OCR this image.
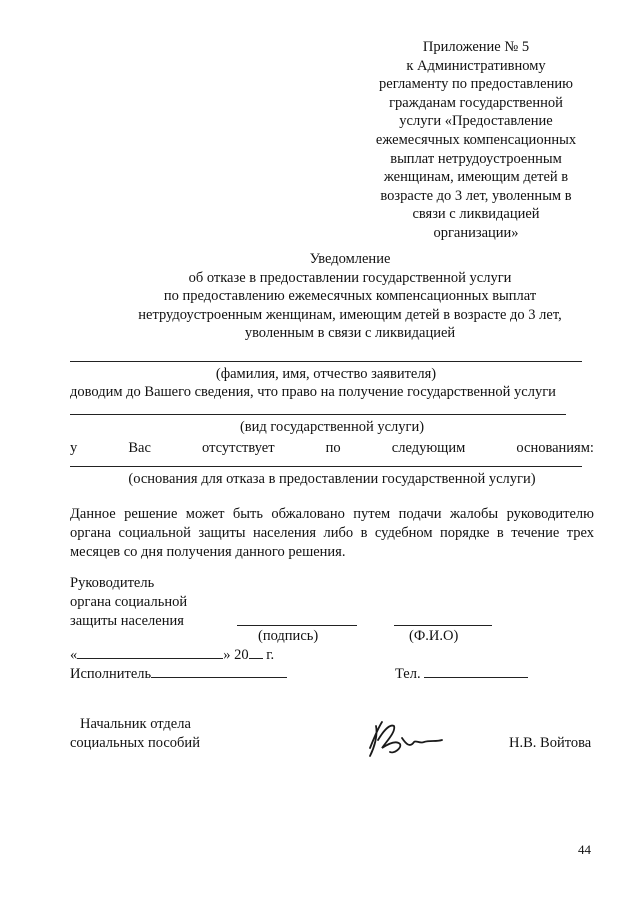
Приложение № 5
к Административному
регламенту по предоставлению
гражданам государственной
услуги «Предоставление
ежемесячных компенсационных
выплат нетрудоустроенным
женщинам, имеющим детей в
возрасте до 3 лет, уволенным в
связи с ликвидацией
организации»
Уведомление
об отказе в предоставлении государственной услуги
по предоставлению ежемесячных компенсационных выплат
нетрудоустроенным женщинам, имеющим детей в возрасте до 3 лет,
уволенным в связи с ликвидацией
(фамилия, имя, отчество заявителя)
доводим до Вашего сведения, что право на получение государственной услуги
(вид государственной услуги)
у	Вас	отсутствует	по	следующим	основаниям:
(основания для отказа в предоставлении государственной услуги)
Данное решение может быть обжаловано путем подачи жалобы руководителю органа социальной защиты населения либо в судебном порядке в течение трех месяцев со дня получения данного решения.
Руководитель
органа социальной
защиты населения
(подпись)	(Ф.И.О)
«	» 20 г.
Исполнитель	Тел.
Начальник отдела
социальных пособий	Н.В. Войтова
44
